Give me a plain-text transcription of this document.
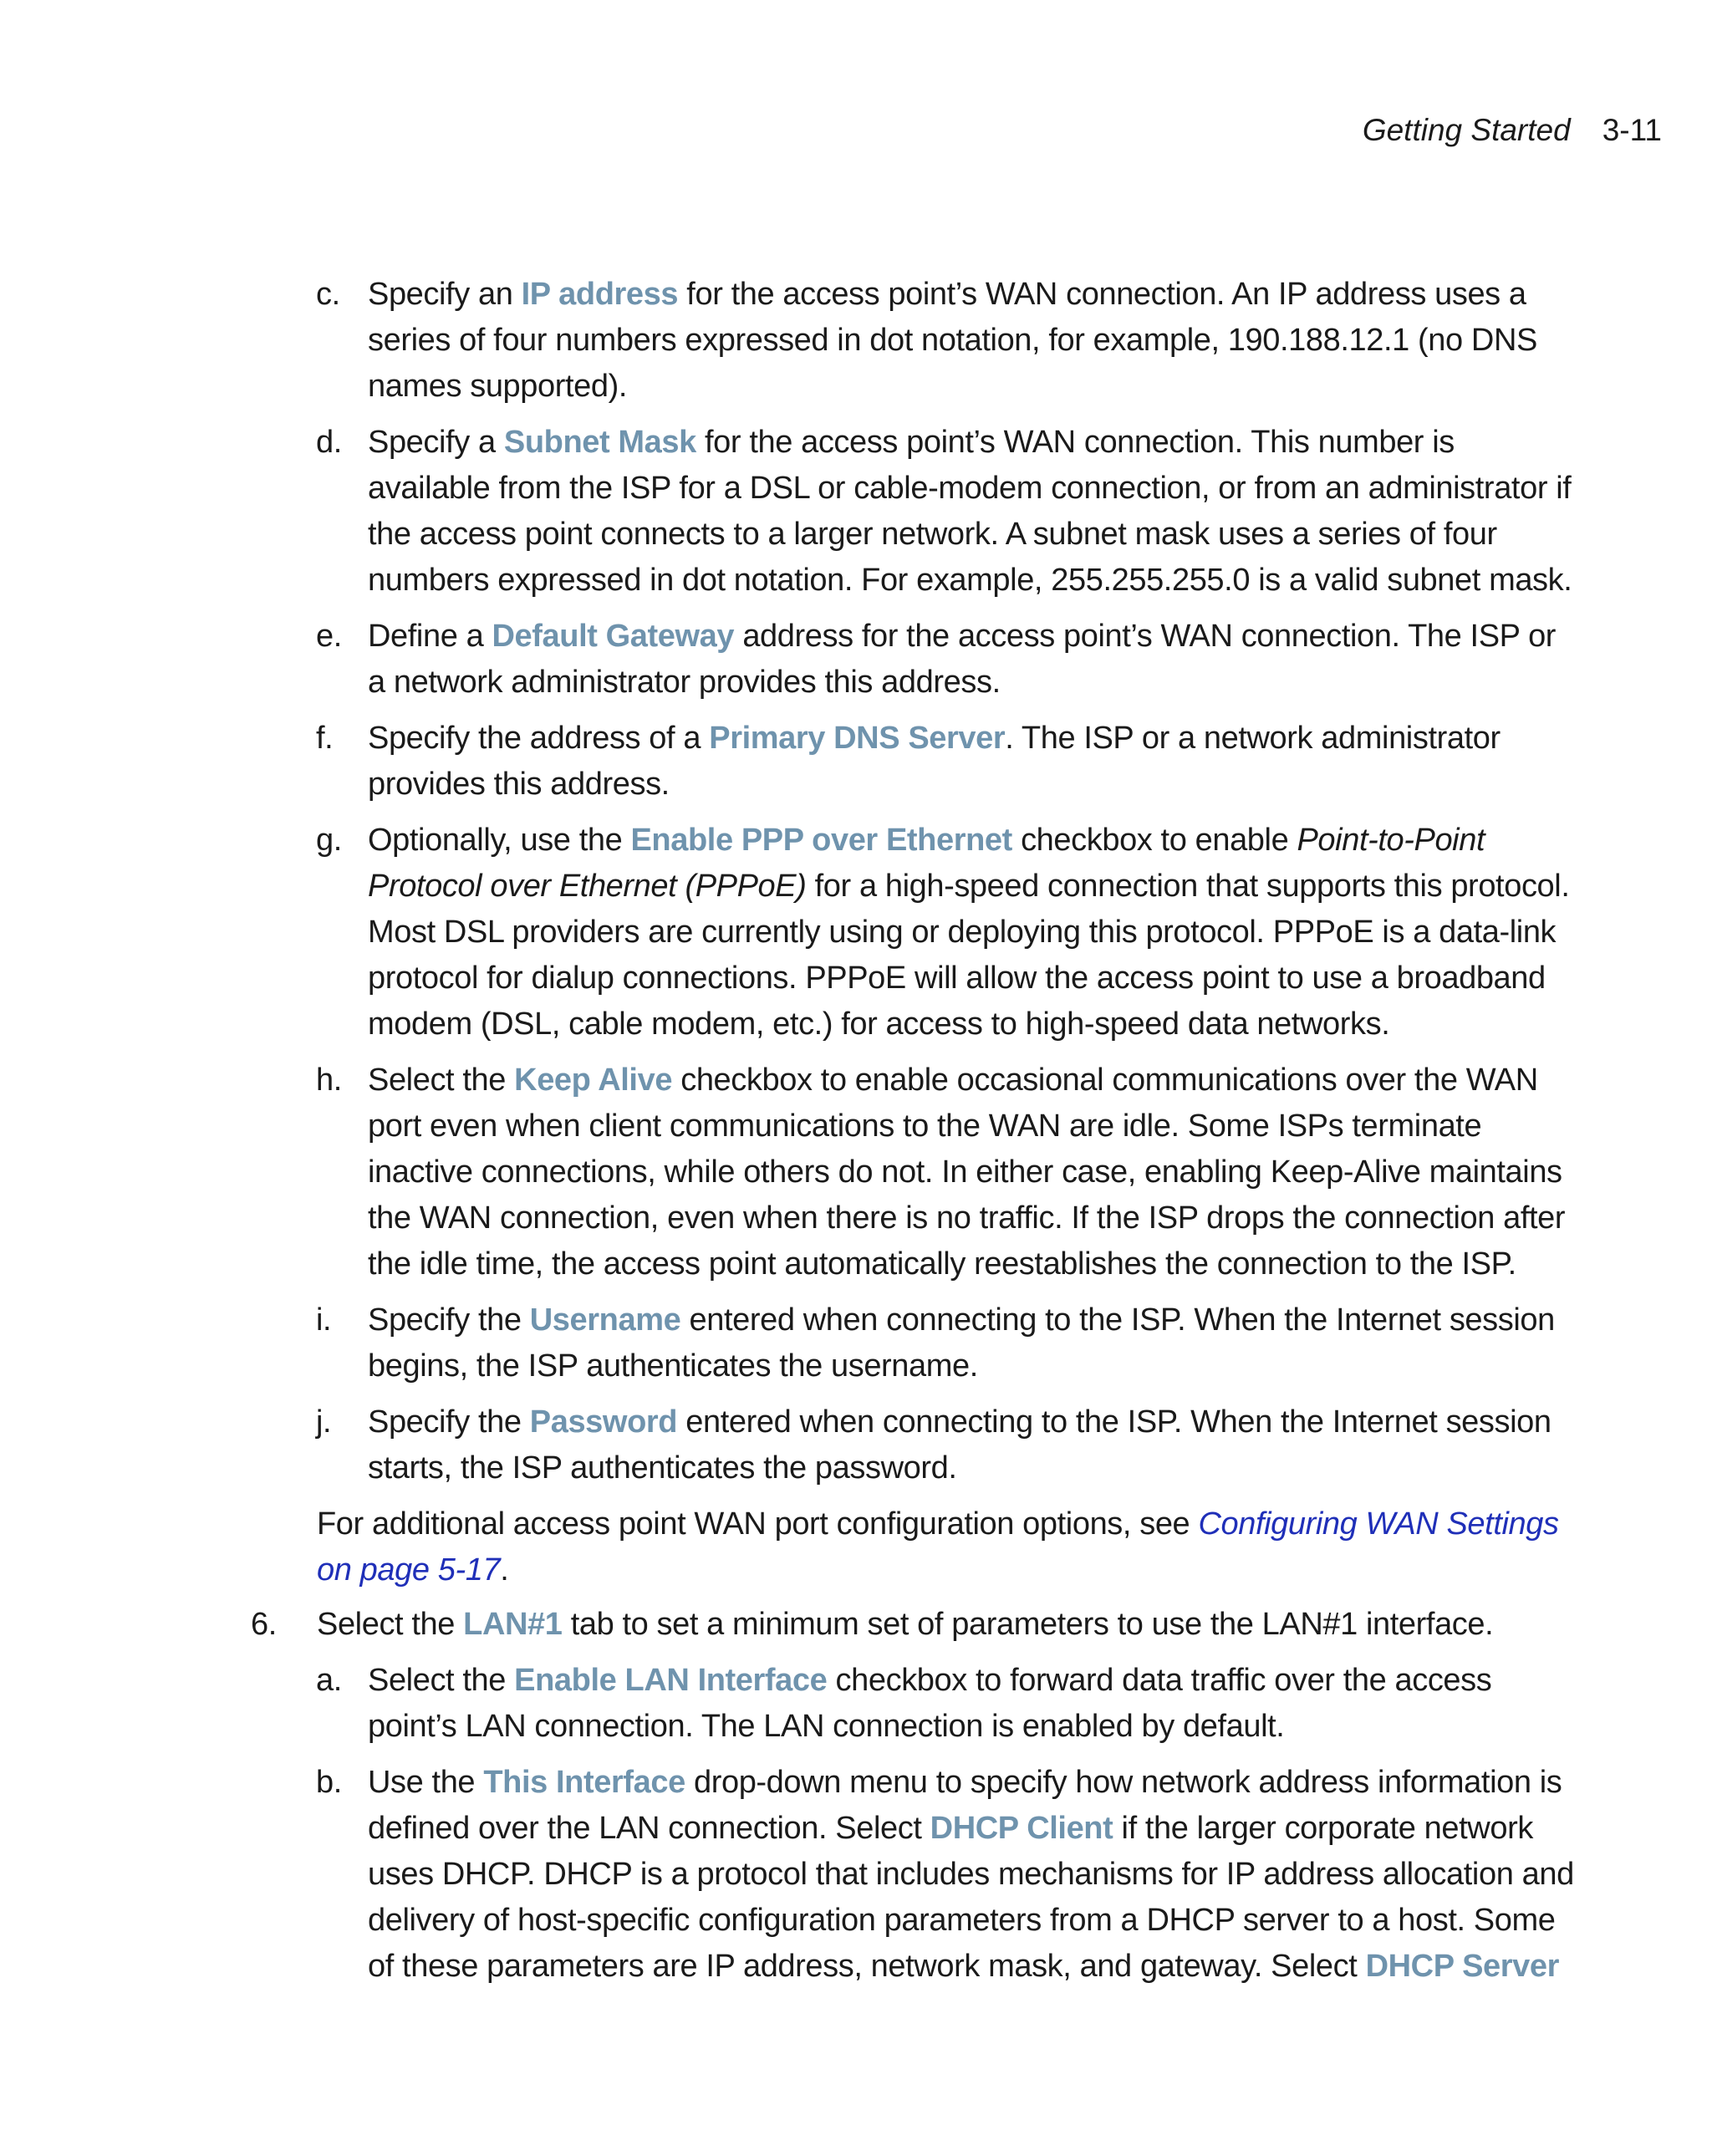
Getting Started 3-11
c. Specify an IP address for the access point’s WAN connection. An IP address uses a series of four numbers expressed in dot notation, for example, 190.188.12.1 (no DNS names supported).
d. Specify a Subnet Mask for the access point’s WAN connection. This number is available from the ISP for a DSL or cable-modem connection, or from an administrator if the access point connects to a larger network. A subnet mask uses a series of four numbers expressed in dot notation. For example, 255.255.255.0 is a valid subnet mask.
e. Define a Default Gateway address for the access point’s WAN connection. The ISP or a network administrator provides this address.
f. Specify the address of a Primary DNS Server. The ISP or a network administrator provides this address.
g. Optionally, use the Enable PPP over Ethernet checkbox to enable Point-to-Point Protocol over Ethernet (PPPoE) for a high-speed connection that supports this protocol. Most DSL providers are currently using or deploying this protocol. PPPoE is a data-link protocol for dialup connections. PPPoE will allow the access point to use a broadband modem (DSL, cable modem, etc.) for access to high-speed data networks.
h. Select the Keep Alive checkbox to enable occasional communications over the WAN port even when client communications to the WAN are idle. Some ISPs terminate inactive connections, while others do not. In either case, enabling Keep-Alive maintains the WAN connection, even when there is no traffic. If the ISP drops the connection after the idle time, the access point automatically reestablishes the connection to the ISP.
i. Specify the Username entered when connecting to the ISP. When the Internet session begins, the ISP authenticates the username.
j. Specify the Password entered when connecting to the ISP. When the Internet session starts, the ISP authenticates the password.
For additional access point WAN port configuration options, see Configuring WAN Settings on page 5-17.
6. Select the LAN#1 tab to set a minimum set of parameters to use the LAN#1 interface.
a. Select the Enable LAN Interface checkbox to forward data traffic over the access point’s LAN connection. The LAN connection is enabled by default.
b. Use the This Interface drop-down menu to specify how network address information is defined over the LAN connection. Select DHCP Client if the larger corporate network uses DHCP. DHCP is a protocol that includes mechanisms for IP address allocation and delivery of host-specific configuration parameters from a DHCP server to a host. Some of these parameters are IP address, network mask, and gateway. Select DHCP Server
